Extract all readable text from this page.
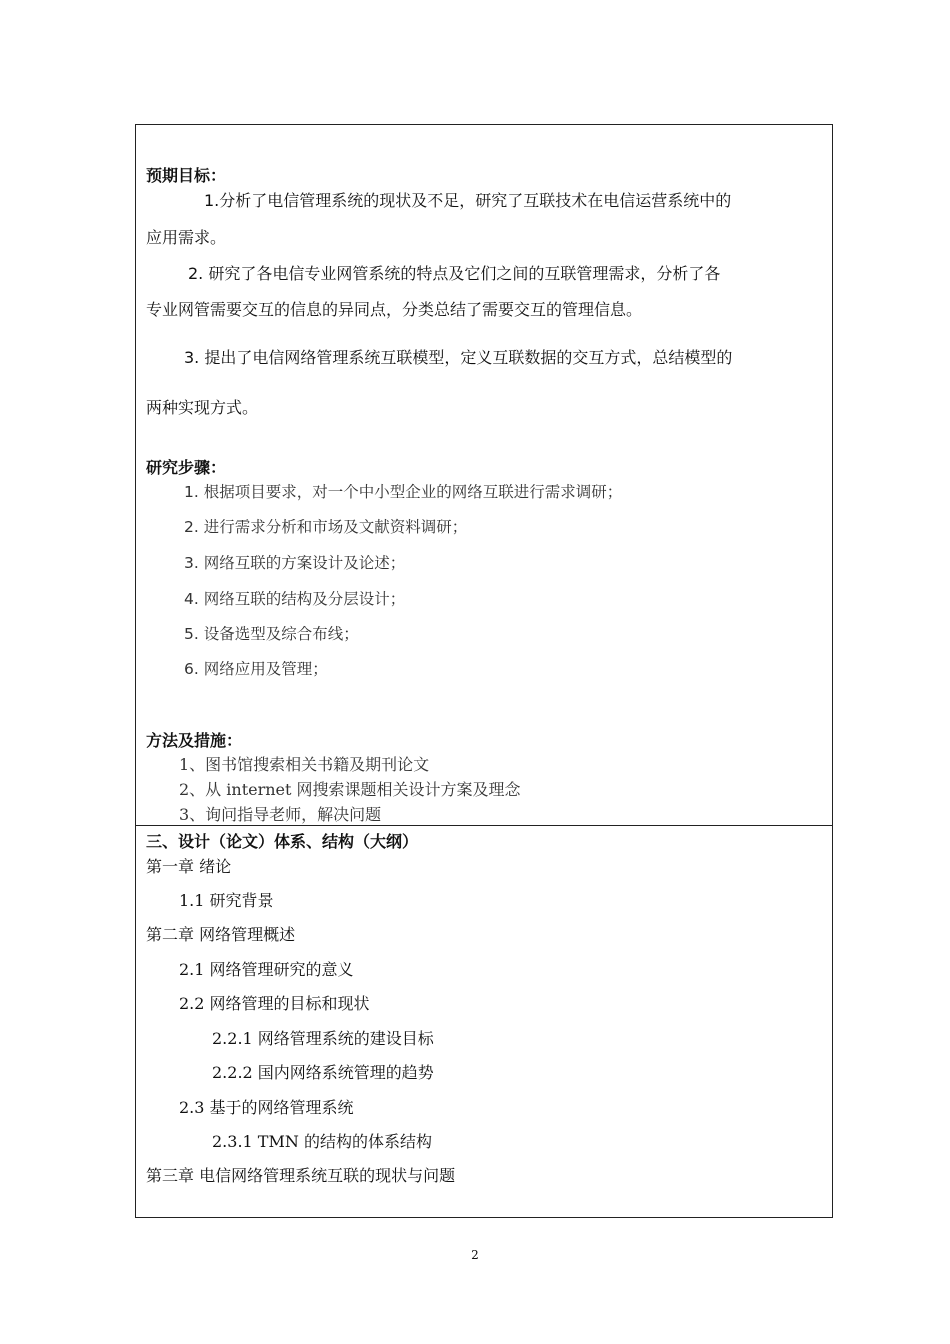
预期目标：
1.分析了电信管理系统的现状及不足，研究了互联技术在电信运营系统中的
应用需求。
2. 研究了各电信专业网管系统的特点及它们之间的互联管理需求，分析了各
专业网管需要交互的信息的异同点，分类总结了需要交互的管理信息。
3. 提出了电信网络管理系统互联模型，定义互联数据的交互方式，总结模型的
两种实现方式。
研究步骤：
1. 根据项目要求，对一个中小型企业的网络互联进行需求调研；
2. 进行需求分析和市场及文献资料调研；
3. 网络互联的方案设计及论述；
4. 网络互联的结构及分层设计；
5. 设备选型及综合布线；
6. 网络应用及管理；
方法及措施：
1、图书馆搜索相关书籍及期刊论文
2、从 internet 网搜索课题相关设计方案及理念
3、询问指导老师，解决问题
三、设计（论文）体系、结构（大纲）
第一章 绪论
1.1 研究背景
第二章 网络管理概述
2.1 网络管理研究的意义
2.2 网络管理的目标和现状
2.2.1 网络管理系统的建设目标
2.2.2 国内网络系统管理的趋势
2.3 基于的网络管理系统
2.3.1 TMN 的结构的体系结构
第三章 电信网络管理系统互联的现状与问题
2
